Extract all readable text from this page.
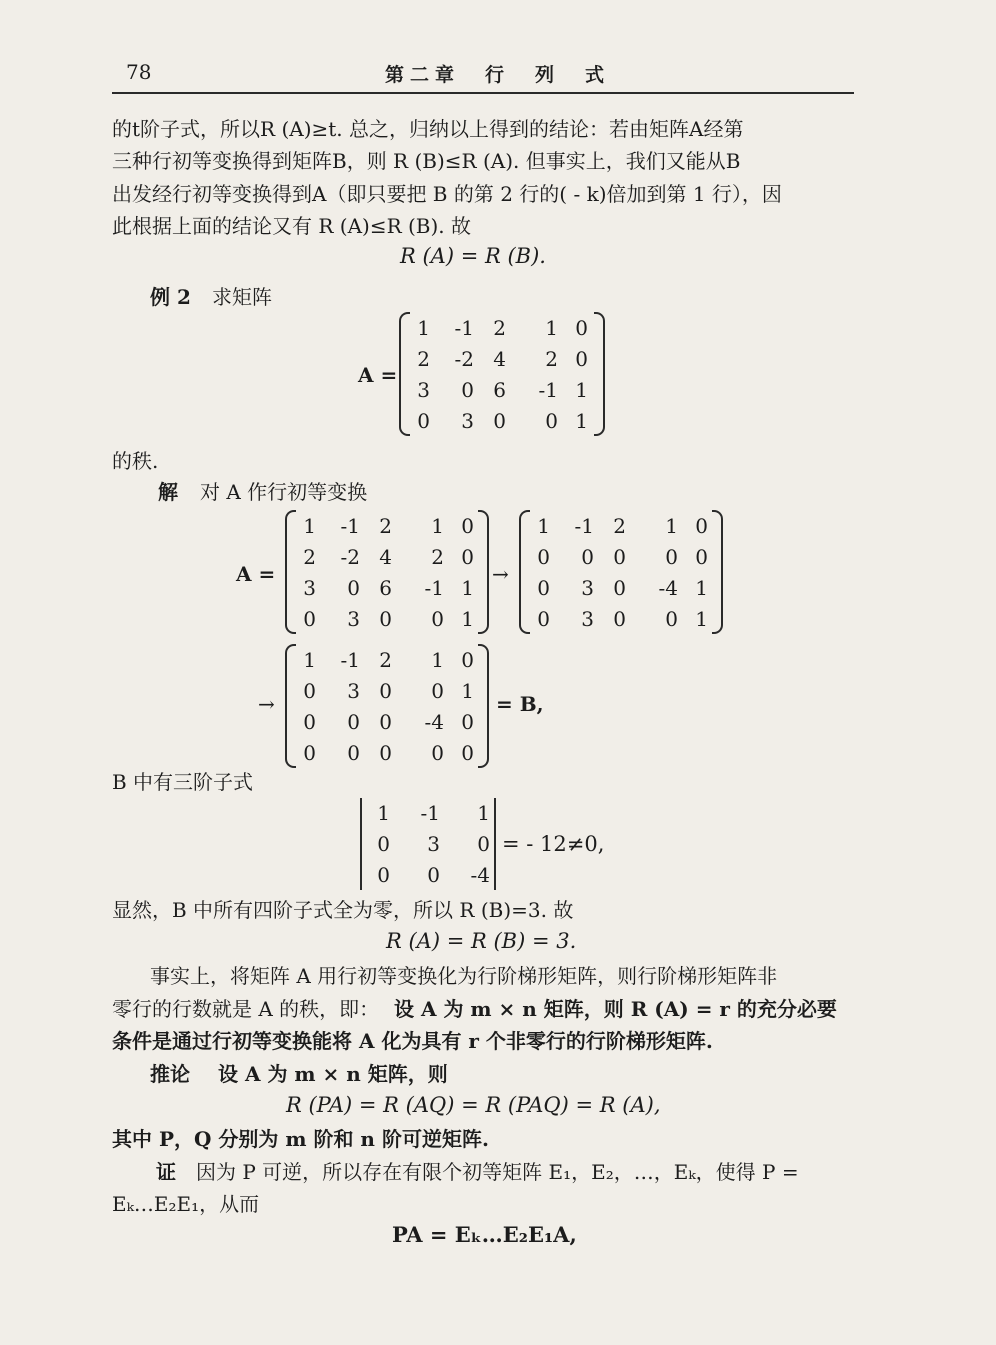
78	第二章　行　列　式
的t阶子式，所以R (A)≥t. 总之，归纳以上得到的结论：若由矩阵A经第
三种行初等变换得到矩阵B，则 R (B)≤R (A). 但事实上，我们又能从B
出发经行初等变换得到A（即只要把 B 的第 2 行的( - k)倍加到第 1 行），因
此根据上面的结论又有 R (A)≤R (B). 故
R (A) = R (B).
例 2 求矩阵
A =
1	-1 2	1 0
2	-2 4	2 0
3	0 6	-1 1
0	3 0	0 1
的秩.
解 对 A 作行初等变换
A =
1	-1 2	1 0
2	-2 4	2 0
3	0 6	-1 1
0	3 0	0 1
→
1	-1 2	1 0
0	0 0	0 0
0	3 0	-4 1
0	3 0	0 1
→
1	-1 2	1 0
0	3 0	0 1
0	0 0	-4 0
0	0 0	0 0
= B,
B 中有三阶子式
1	-1	1
0	3	0
0	0	-4
= - 12≠0,
显然，B 中所有四阶子式全为零，所以 R (B)=3. 故
R (A) = R (B) = 3.
事实上，将矩阵 A 用行初等变换化为行阶梯形矩阵，则行阶梯形矩阵非
零行的行数就是 A 的秩，即： 设 A 为 m × n 矩阵，则 R (A) = r 的充分必要
条件是通过行初等变换能将 A 化为具有 r 个非零行的行阶梯形矩阵.
推论 设 A 为 m × n 矩阵，则
R (PA) = R (AQ) = R (PAQ) = R (A),
其中 P，Q 分别为 m 阶和 n 阶可逆矩阵.
证 因为 P 可逆，所以存在有限个初等矩阵 E₁，E₂，…，Eₖ，使得 P =
Eₖ…E₂E₁，从而
PA = Eₖ…E₂E₁A,
